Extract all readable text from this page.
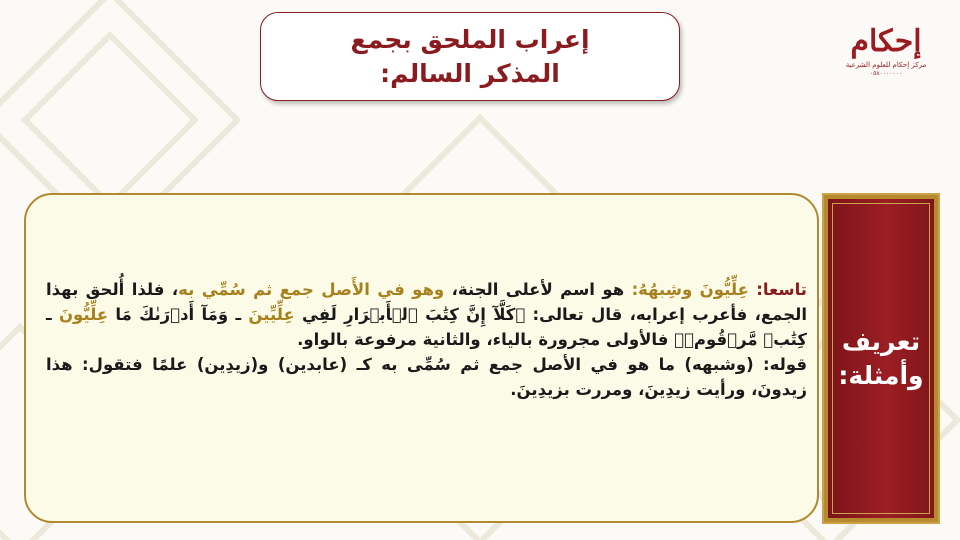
إحكام
مركز إحكام للعلوم الشرعية
٠٥٨٠٠٠٠٠٠٠
إعراب الملحق بجمع
المذكر السالم:

تاسعا: عِلِّيُّونَ وشِبهُهُ: هو اسم لأعلى الجنة، وهو في الأَصل جمع ثم سُمِّي به، فلذا أُلحق بهذا الجمع، فأعرب إعرابه، قال تعالى: ﴿كَلَّآ إِنَّ كِتَٰبَ ٱلۡأَبۡرَارِ لَفِي عِلِّيِّينَ ـ وَمَآ أَدۡرَىٰكَ مَا عِلِّيُّونَ ـ كِتَٰبٞ مَّرۡقُومٞ﴾ فالأولى مجرورة بالياء، والثانية مرفوعة بالواو.

قوله: (وشبهه) ما هو في الأصل جمع ثم سُمِّى به كـ (عابدين) و(زيدِين) علمًا فتقول: هذا زيدونَ، ورأيت زيدِينَ، ومررت بزيدِينَ.

تعريف
وأمثلة:
